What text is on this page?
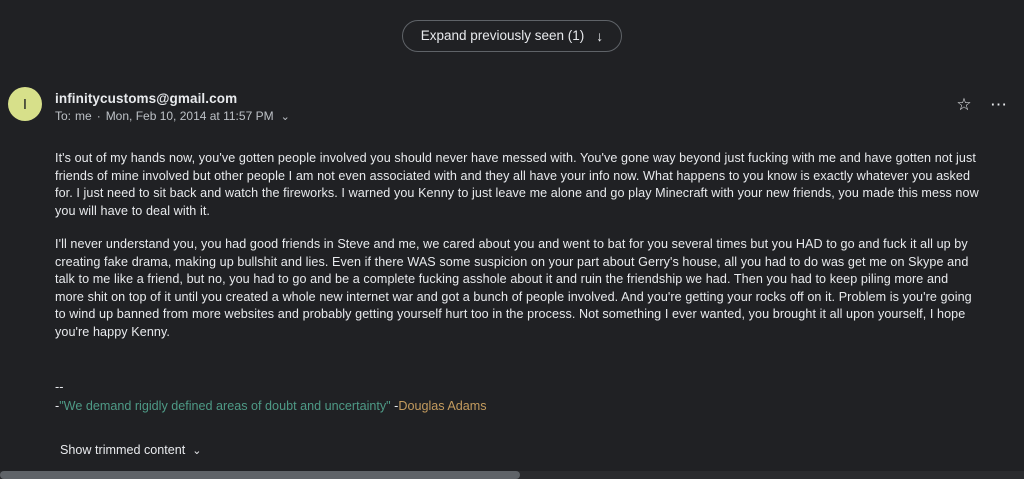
Expand previously seen (1) ↓
I	infinitycustoms@gmail.com
To: me · Mon, Feb 10, 2014 at 11:57 PM ⌄
☆ ⋯

It's out of my hands now, you've gotten people involved you should never have messed with. You've gone way beyond just fucking with me and have gotten not just friends of mine involved but other people I am not even associated with and they all have your info now. What happens to you know is exactly whatever you asked for. I just need to sit back and watch the fireworks. I warned you Kenny to just leave me alone and go play Minecraft with your new friends, you made this mess now you will have to deal with it.

I'll never understand you, you had good friends in Steve and me, we cared about you and went to bat for you several times but you HAD to go and fuck it all up by creating fake drama, making up bullshit and lies. Even if there WAS some suspicion on your part about Gerry's house, all you had to do was get me on Skype and talk to me like a friend, but no, you had to go and be a complete fucking asshole about it and ruin the friendship we had. Then you had to keep piling more and more shit on top of it until you created a whole new internet war and got a bunch of people involved. And you're getting your rocks off on it. Problem is you're going to wind up banned from more websites and probably getting yourself hurt too in the process. Not something I ever wanted, you brought it all upon yourself, I hope you're happy Kenny.

--
-"We demand rigidly defined areas of doubt and uncertainty" -Douglas Adams
Show trimmed content ⌄
